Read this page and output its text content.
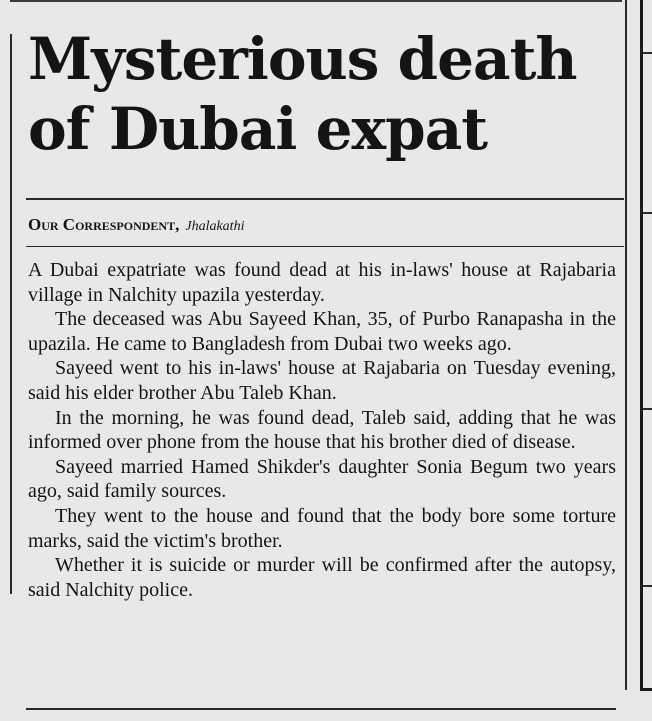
Mysterious death of Dubai expat
Our Correspondent, Jhalakathi

A Dubai expatriate was found dead at his in-laws' house at Rajabaria village in Nalchity upazila yesterday.

The deceased was Abu Sayeed Khan, 35, of Purbo Ranapasha in the upazila. He came to Bangladesh from Dubai two weeks ago.

Sayeed went to his in-laws' house at Rajabaria on Tuesday evening, said his elder brother Abu Taleb Khan.

In the morning, he was found dead, Taleb said, adding that he was informed over phone from the house that his brother died of disease.

Sayeed married Hamed Shikder's daughter Sonia Begum two years ago, said family sources.

They went to the house and found that the body bore some torture marks, said the victim's brother.

Whether it is suicide or murder will be confirmed after the autopsy, said Nalchity police.
